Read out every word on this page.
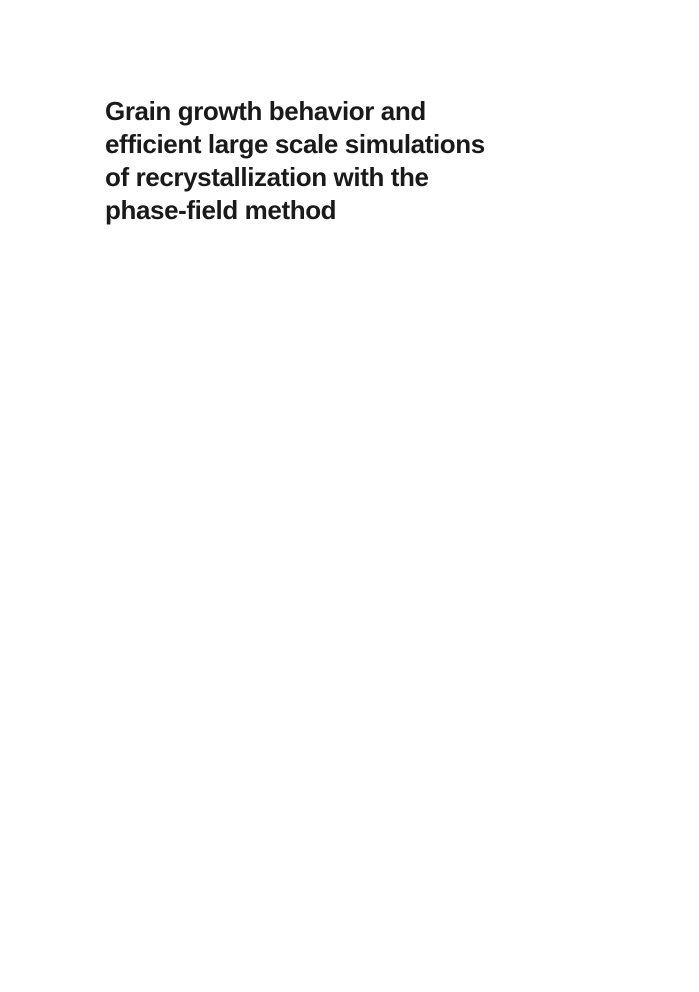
Grain growth behavior and
efficient large scale simulations
of recrystallization with the
phase-field method
